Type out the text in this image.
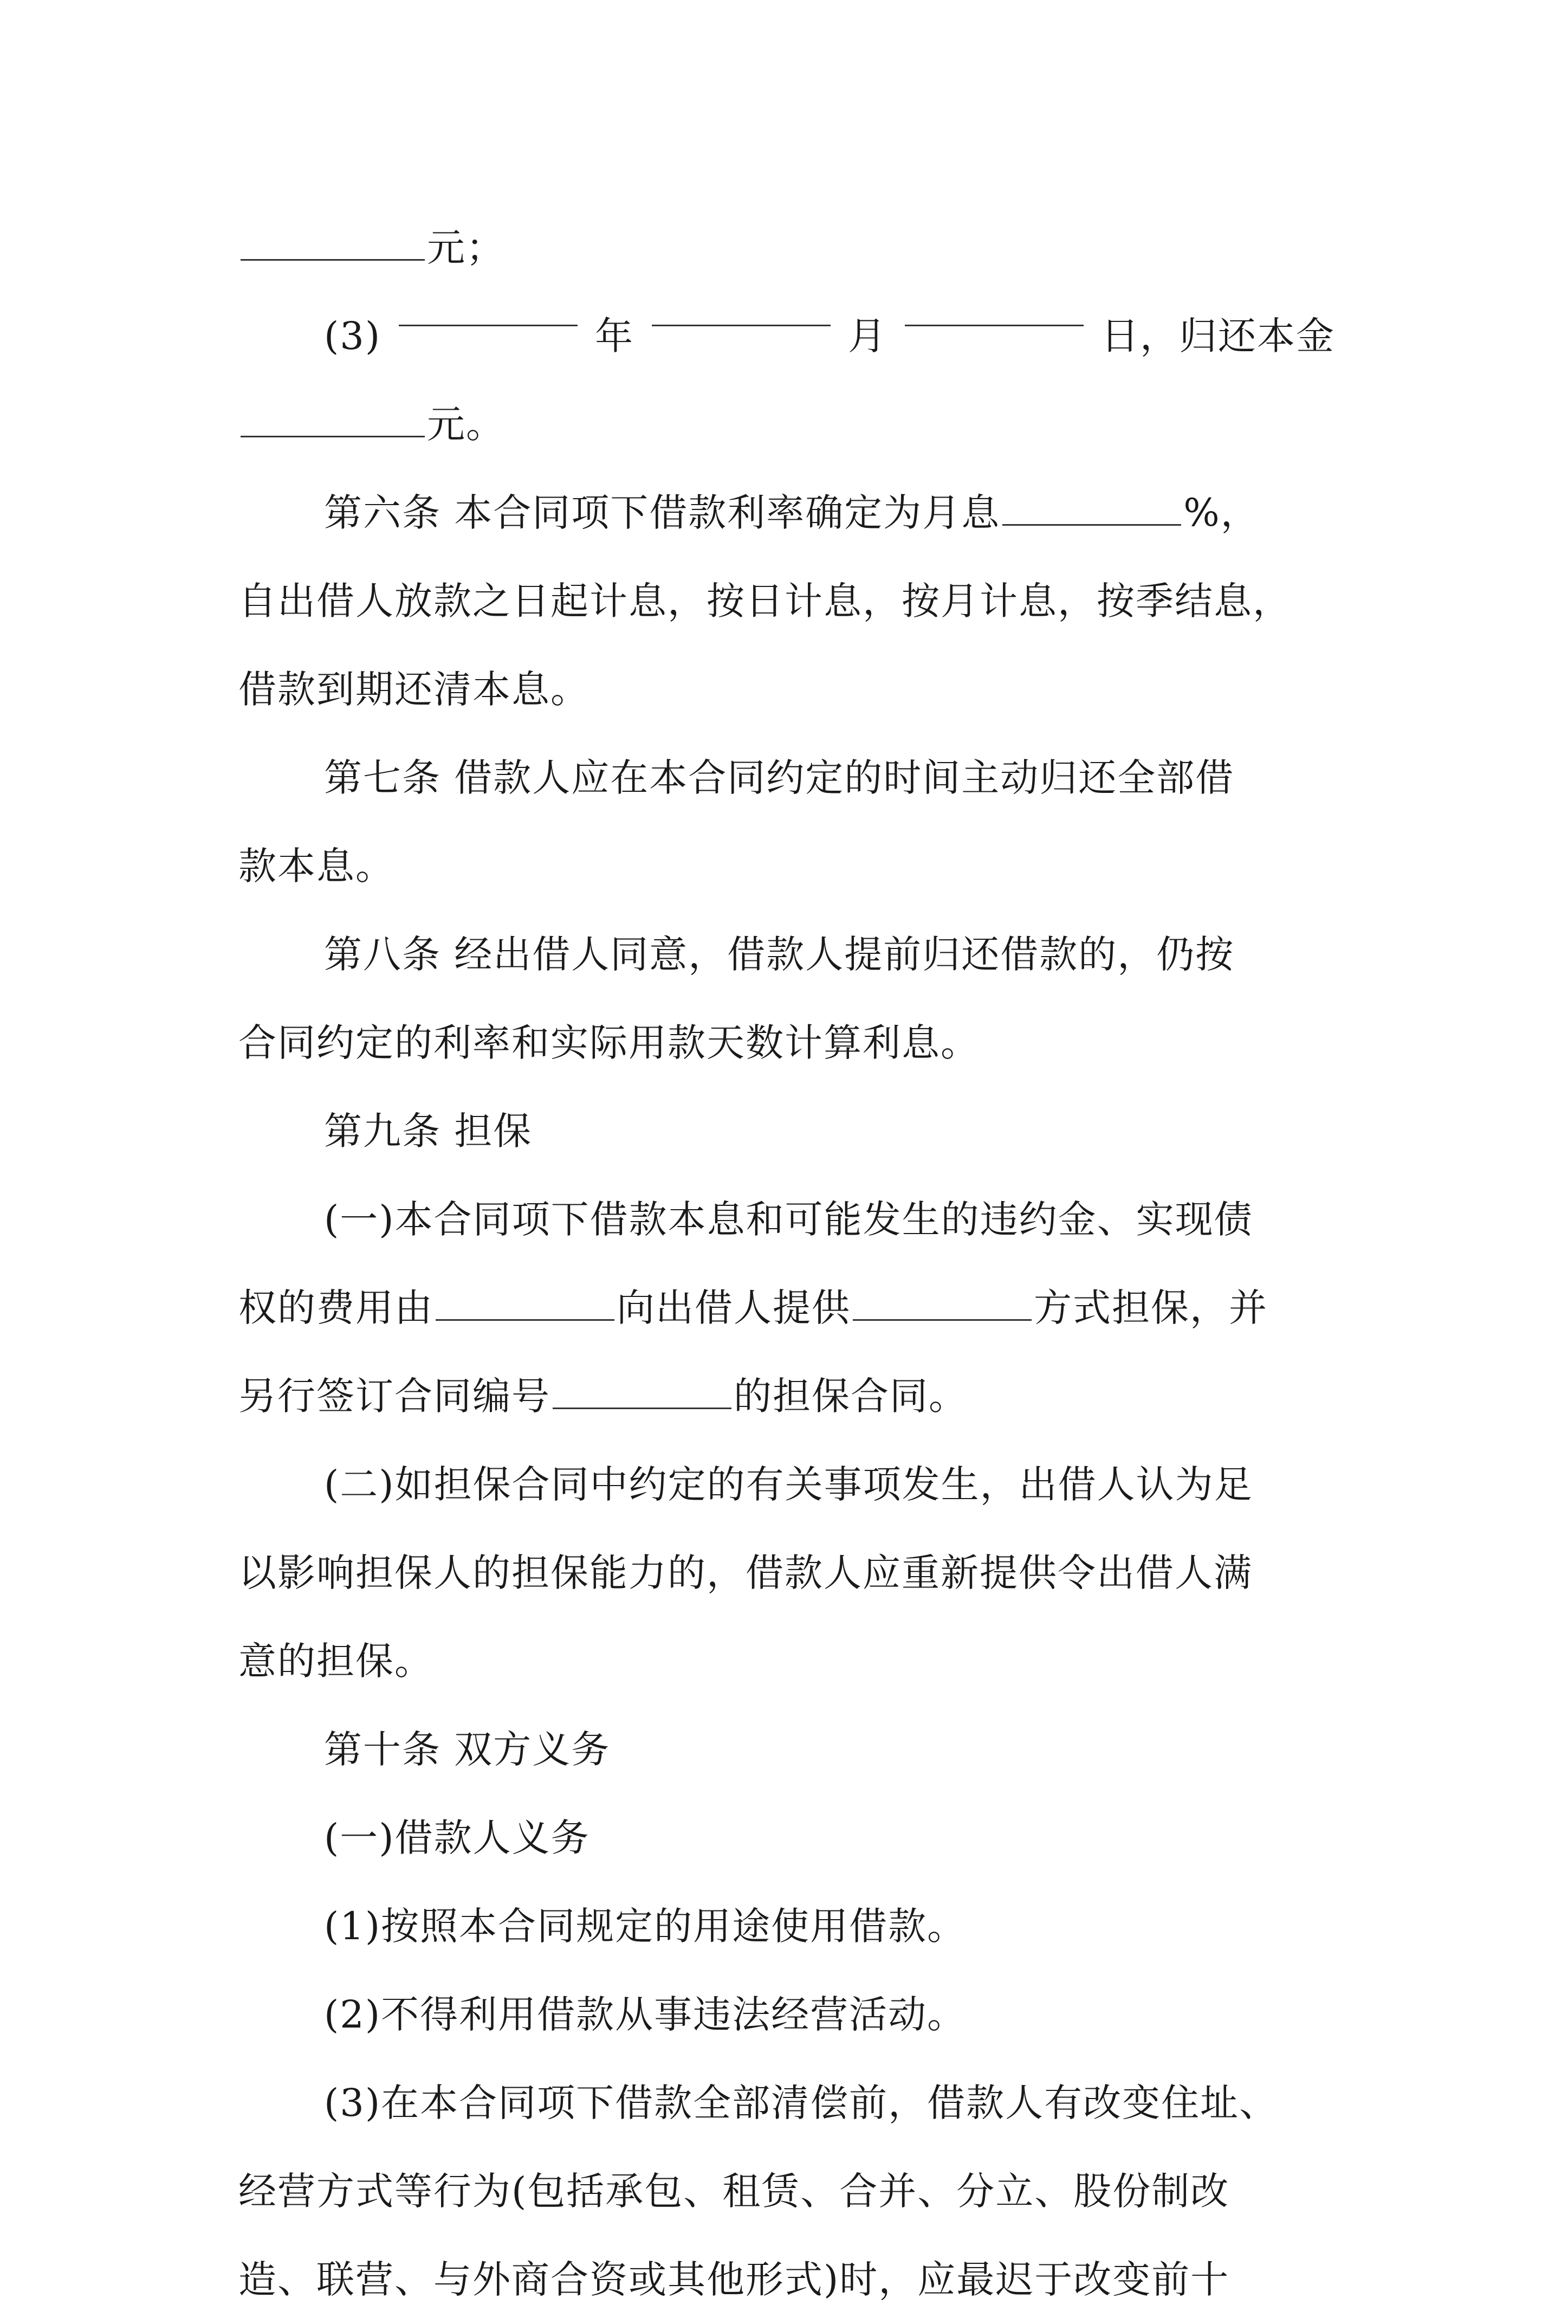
元；

(3)	年	月	日，归还本金
元。

第六条 本合同项下借款利率确定为月息	%，
自出借人放款之日起计息，按日计息，按月计息，按季结息，
借款到期还清本息。

第七条 借款人应在本合同约定的时间主动归还全部借
款本息。

第八条 经出借人同意，借款人提前归还借款的，仍按
合同约定的利率和实际用款天数计算利息。

第九条 担保
(一)本合同项下借款本息和可能发生的违约金、实现债
权的费用由	向出借人提供	方式担保，并
另行签订合同编号	的担保合同。
(二)如担保合同中约定的有关事项发生，出借人认为足
以影响担保人的担保能力的，借款人应重新提供令出借人满
意的担保。

第十条 双方义务
(一)借款人义务
(1)按照本合同规定的用途使用借款。
(2)不得利用借款从事违法经营活动。
(3)在本合同项下借款全部清偿前，借款人有改变住址、
经营方式等行为(包括承包、租赁、合并、分立、股份制改
造、联营、与外商合资或其他形式)时，应最迟于改变前十
